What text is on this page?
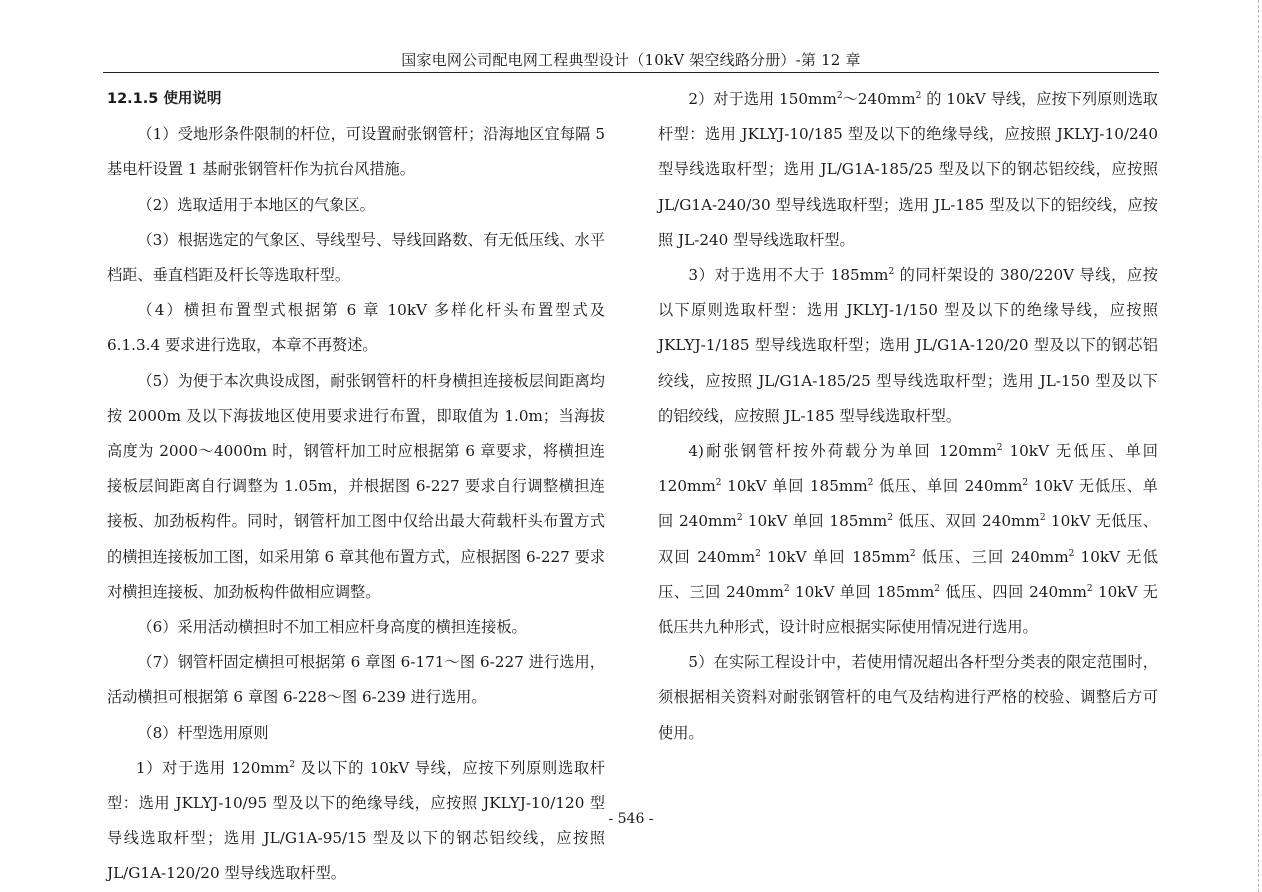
国家电网公司配电网工程典型设计（10kV 架空线路分册）-第 12 章

12.1.5 使用说明

（1）受地形条件限制的杆位，可设置耐张钢管杆；沿海地区宜每隔 5 基电杆设置 1 基耐张钢管杆作为抗台风措施。

（2）选取适用于本地区的气象区。

（3）根据选定的气象区、导线型号、导线回路数、有无低压线、水平档距、垂直档距及杆长等选取杆型。

（4）横担布置型式根据第 6 章 10kV 多样化杆头布置型式及 6.1.3.4 要求进行选取，本章不再赘述。

（5）为便于本次典设成图，耐张钢管杆的杆身横担连接板层间距离均按 2000m 及以下海拔地区使用要求进行布置，即取值为 1.0m；当海拔高度为 2000～4000m 时，钢管杆加工时应根据第 6 章要求，将横担连接板层间距离自行调整为 1.05m，并根据图 6-227 要求自行调整横担连接板、加劲板构件。同时，钢管杆加工图中仅给出最大荷载杆头布置方式的横担连接板加工图，如采用第 6 章其他布置方式，应根据图 6-227 要求对横担连接板、加劲板构件做相应调整。

（6）采用活动横担时不加工相应杆身高度的横担连接板。

（7）钢管杆固定横担可根据第 6 章图 6-171～图 6-227 进行选用，活动横担可根据第 6 章图 6-228～图 6-239 进行选用。

（8）杆型选用原则

1）对于选用 $120mm^2$ 及以下的 10kV 导线，应按下列原则选取杆型：选用 JKLYJ-10/95 型及以下的绝缘导线，应按照 JKLYJ-10/120 型导线选取杆型；选用 JL/G1A-95/15 型及以下的钢芯铝绞线，应按照 JL/G1A-120/20 型导线选取杆型。

2）对于选用 $150mm^2\sim 240mm^2$ 的 10kV 导线，应按下列原则选取杆型：选用 JKLYJ-10/185 型及以下的绝缘导线，应按照 JKLYJ-10/240 型导线选取杆型；选用 JL/G1A-185/25 型及以下的钢芯铝绞线，应按照 JL/G1A-240/30 型导线选取杆型；选用 JL-185 型及以下的铝绞线，应按照 JL-240 型导线选取杆型。

3）对于选用不大于 $185mm^2$ 的同杆架设的 380/220V 导线，应按以下原则选取杆型：选用 JKLYJ-1/150 型及以下的绝缘导线，应按照 JKLYJ-1/185 型导线选取杆型；选用 JL/G1A-120/20 型及以下的钢芯铝绞线，应按照 JL/G1A-185/25 型导线选取杆型；选用 JL-150 型及以下的铝绞线，应按照 JL-185 型导线选取杆型。

4)耐张钢管杆按外荷载分为单回 $120mm^2$ 10kV 无低压、单回 $120mm^2$ 10kV 单回 $185mm^2$ 低压、单回 $240mm^2$ 10kV 无低压、单回 $240mm^2$ 10kV 单回 $185mm^2$ 低压、双回 $240mm^2$ 10kV 无低压、双回 $240mm^2$ 10kV 单回 $185mm^2$ 低压、三回 $240mm^2$ 10kV 无低压、三回 $240mm^2$ 10kV 单回 $185mm^2$ 低压、四回 $240mm^2$ 10kV 无低压共九种形式，设计时应根据实际使用情况进行选用。

5）在实际工程设计中，若使用情况超出各杆型分类表的限定范围时，须根据相关资料对耐张钢管杆的电气及结构进行严格的校验、调整后方可使用。

- 546 -
